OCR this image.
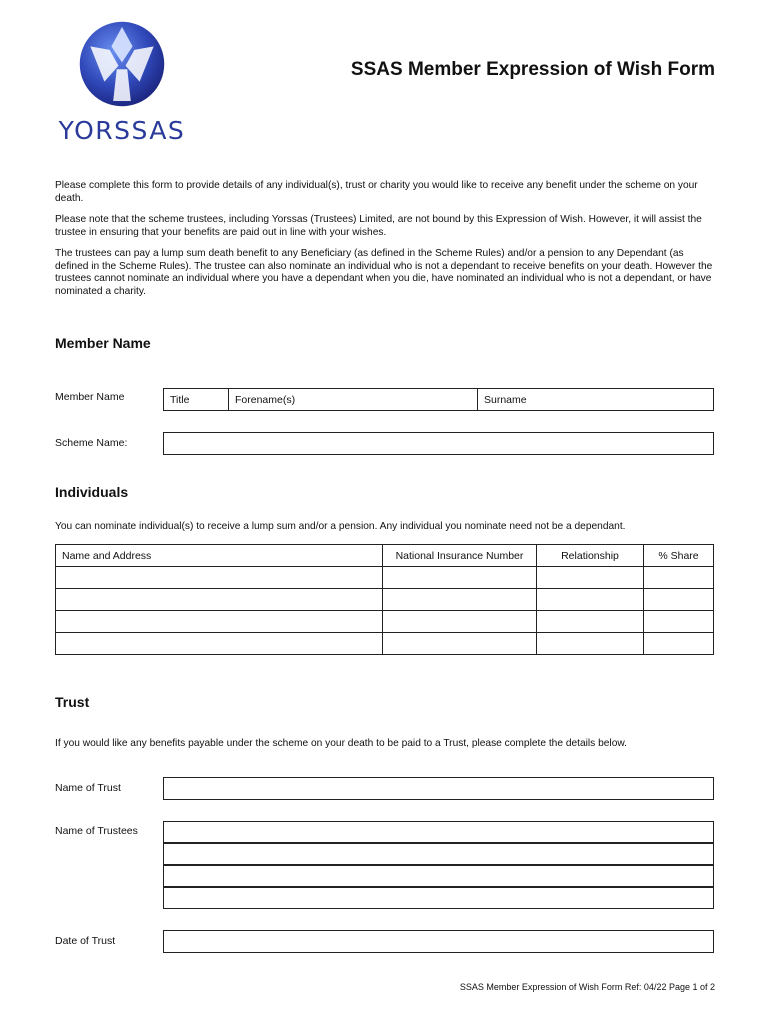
YORSSAS
SSAS Member Expression of Wish Form

Please complete this form to provide details of any individual(s), trust or charity you would like to receive any benefit under the scheme on your death.

Please note that the scheme trustees, including Yorssas (Trustees) Limited, are not bound by this Expression of Wish. However, it will assist the trustee in ensuring that your benefits are paid out in line with your wishes.

The trustees can pay a lump sum death benefit to any Beneficiary (as defined in the Scheme Rules) and/or a pension to any Dependant (as defined in the Scheme Rules). The trustee can also nominate an individual who is not a dependant to receive benefits on your death. However the trustees cannot nominate an individual where you have a dependant when you die, have nominated an individual who is not a dependant, or have nominated a charity.

Member Name
Member Name	Title	Forename(s)	Surname
Scheme Name:
Individuals
You can nominate individual(s) to receive a lump sum and/or a pension. Any individual you nominate need not be a dependant.
Name and Address	National Insurance Number	Relationship	% Share

Trust
If you would like any benefits payable under the scheme on your death to be paid to a Trust, please complete the details below.
Name of Trust
Name of Trustees
Date of Trust
SSAS Member Expression of Wish Form Ref: 04/22 Page 1 of 2
